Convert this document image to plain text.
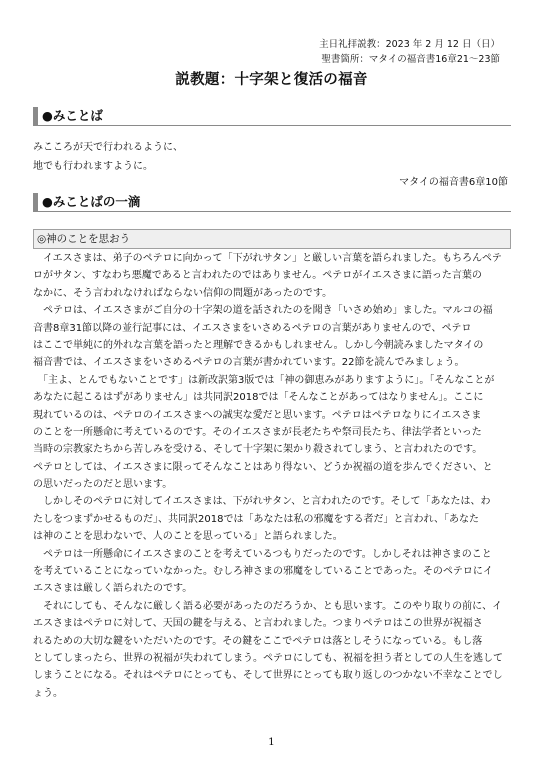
主日礼拝説教：2023 年 2 月 12 日（日）
聖書箇所：マタイの福音書16章21～23節
説教題：十字架と復活の福音
●みことば
みこころが天で行われるように、
地でも行われますように。
マタイの福音書6章10節
●みことばの一滴
◎神のことを思おう
　イエスさまは、弟子のペテロに向かって「下がれサタン」と厳しい言葉を語られました。もちろんペテ
ロがサタン、すなわち悪魔であると言われたのではありません。ペテロがイエスさまに語った言葉の
なかに、そう言われなければならない信仰の問題があったのです。
　ペテロは、イエスさまがご自分の十字架の道を話されたのを聞き「いさめ始め」ました。マルコの福
音書8章31節以降の並行記事には、イエスさまをいさめるペテロの言葉がありませんので、ペテロ
はここで単純に的外れな言葉を語ったと理解できるかもしれません。しかし今朝読みましたマタイの
福音書では、イエスさまをいさめるペテロの言葉が書かれています。22節を読んでみましょう。
　「主よ、とんでもないことです」は新改訳第3版では「神の御恵みがありますように」。「そんなことが
あなたに起こるはずがありません」は共同訳2018では「そんなことがあってはなりません」。ここに
現れているのは、ペテロのイエスさまへの誠実な愛だと思います。ペテロはペテロなりにイエスさま
のことを一所懸命に考えているのです。そのイエスさまが長老たちや祭司長たち、律法学者といった
当時の宗教家たちから苦しみを受ける、そして十字架に架かり殺されてしまう、と言われたのです。
ペテロとしては、イエスさまに限ってそんなことはあり得ない、どうか祝福の道を歩んでください、と
の思いだったのだと思います。
　しかしそのペテロに対してイエスさまは、下がれサタン、と言われたのです。そして「あなたは、わ
たしをつまずかせるものだ」、共同訳2018では「あなたは私の邪魔をする者だ」と言われ、「あなた
は神のことを思わないで、人のことを思っている」と語られました。
　ペテロは一所懸命にイエスさまのことを考えているつもりだったのです。しかしそれは神さまのこと
を考えていることになっていなかった。むしろ神さまの邪魔をしていることであった。そのペテロにイ
エスさまは厳しく語られたのです。
　それにしても、そんなに厳しく語る必要があったのだろうか、とも思います。このやり取りの前に、イ
エスさまはペテロに対して、天国の鍵を与える、と言われました。つまりペテロはこの世界が祝福さ
れるための大切な鍵をいただいたのです。その鍵をここでペテロは落としそうになっている。もし落
としてしまったら、世界の祝福が失われてしまう。ペテロにしても、祝福を担う者としての人生を逃して
しまうことになる。それはペテロにとっても、そして世界にとっても取り返しのつかない不幸なことでし
ょう。
1
